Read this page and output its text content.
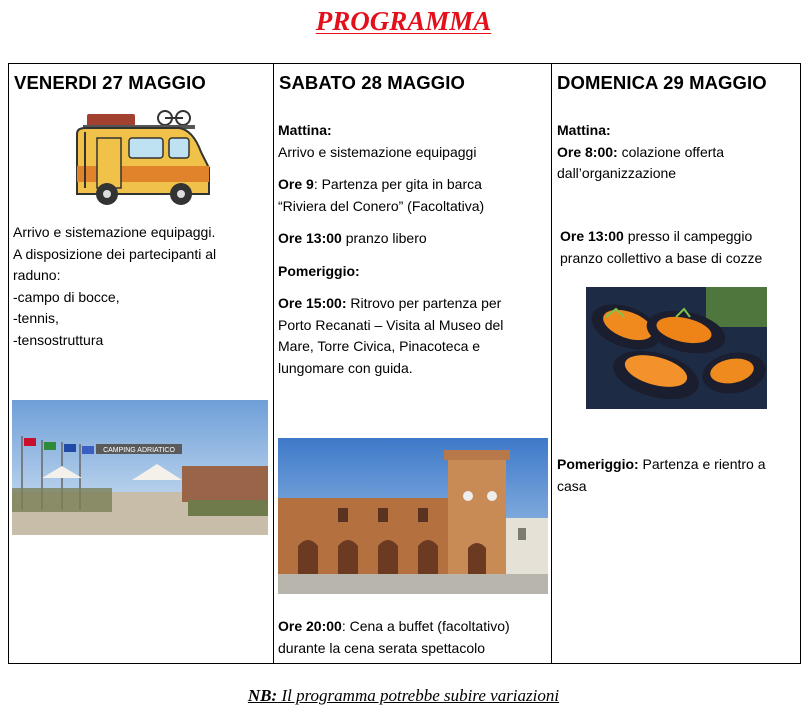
PROGRAMMA
VENERDI 27 MAGGIO
Arrivo e sistemazione equipaggi.
A disposizione dei partecipanti al
raduno:
-campo di bocce,
-tennis,
-tensostruttura
CAMPING ADRIATICO

SABATO 28 MAGGIO
Mattina:
Arrivo e sistemazione equipaggi
Ore 9: Partenza per gita in barca
“Riviera del Conero” (Facoltativa)
Ore 13:00 pranzo libero
Pomeriggio:
Ore 15:00: Ritrovo per partenza per
Porto Recanati – Visita al Museo del
Mare, Torre Civica, Pinacoteca e
lungomare con guida.
Ore 20:00: Cena a buffet (facoltativo)
durante la cena serata spettacolo

DOMENICA 29 MAGGIO
Mattina:
Ore 8:00: colazione offerta
dall’organizzazione
Ore 13:00 presso il campeggio
pranzo collettivo a base di cozze
Pomeriggio: Partenza e rientro a
casa
NB: Il programma potrebbe subire variazioni
